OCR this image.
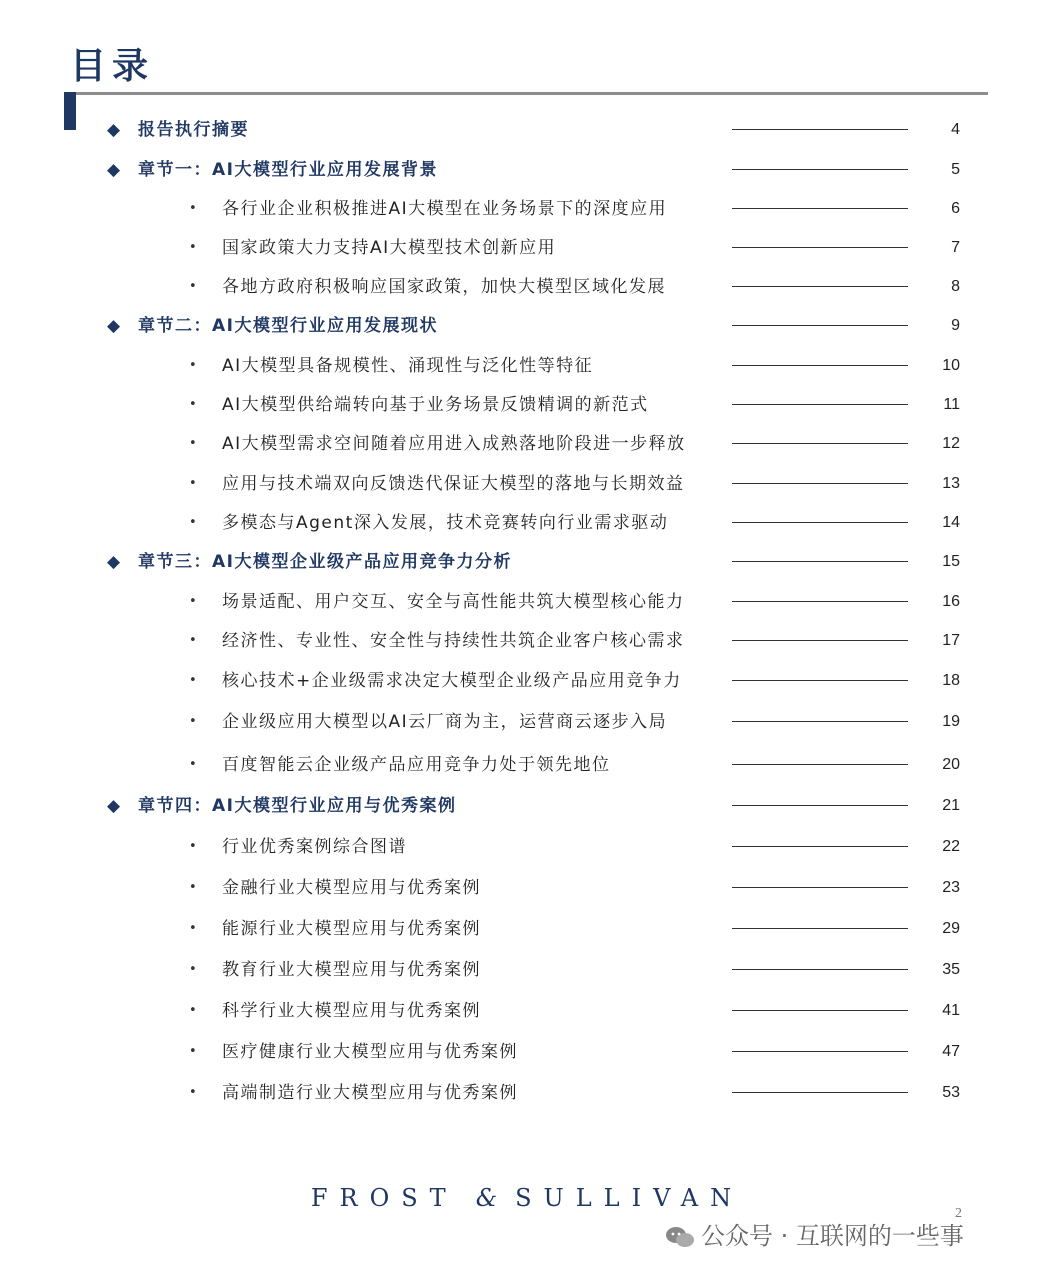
目录
◆ 报告执行摘要	4
◆ 章节一：AI大模型行业应用发展背景	5
• 各行业企业积极推进AI大模型在业务场景下的深度应用	6
• 国家政策大力支持AI大模型技术创新应用	7
• 各地方政府积极响应国家政策，加快大模型区域化发展	8
◆ 章节二：AI大模型行业应用发展现状	9
• AI大模型具备规模性、涌现性与泛化性等特征	10
• AI大模型供给端转向基于业务场景反馈精调的新范式	11
• AI大模型需求空间随着应用进入成熟落地阶段进一步释放	12
• 应用与技术端双向反馈迭代保证大模型的落地与长期效益	13
• 多模态与Agent深入发展，技术竞赛转向行业需求驱动	14
◆ 章节三：AI大模型企业级产品应用竞争力分析	15
• 场景适配、用户交互、安全与高性能共筑大模型核心能力	16
• 经济性、专业性、安全性与持续性共筑企业客户核心需求	17
• 核心技术+企业级需求决定大模型企业级产品应用竞争力	18
• 企业级应用大模型以AI云厂商为主，运营商云逐步入局	19
• 百度智能云企业级产品应用竞争力处于领先地位	20
◆ 章节四：AI大模型行业应用与优秀案例	21
• 行业优秀案例综合图谱	22
• 金融行业大模型应用与优秀案例	23
• 能源行业大模型应用与优秀案例	29
• 教育行业大模型应用与优秀案例	35
• 科学行业大模型应用与优秀案例	41
• 医疗健康行业大模型应用与优秀案例	47
• 高端制造行业大模型应用与优秀案例	53
FROST & SULLIVAN
2
公众号 · 互联网的一些事
